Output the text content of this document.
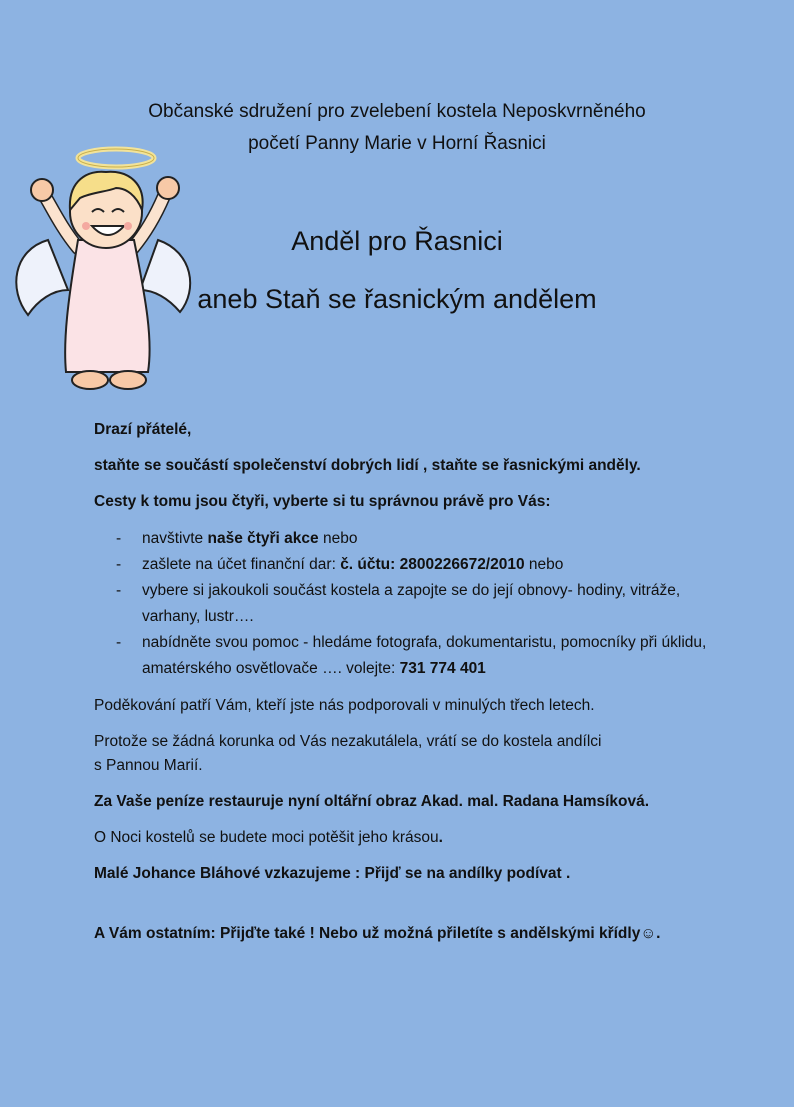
Občanské sdružení pro zvelebení kostela Neposkvrněného
početí Panny Marie v Horní Řasnici
Anděl pro Řasnici
aneb Staň se řasnickým andělem

Drazí přátelé,

staňte se součástí společenství dobrých lidí , staňte se řasnickými anděly.

Cesty k tomu jsou čtyři, vyberte si tu správnou právě pro Vás:

- navštivte naše čtyři akce nebo
- zašlete na účet finanční dar: č. účtu: 2800226672/2010 nebo
- vybere si jakoukoli součást kostela a zapojte se do její obnovy- hodiny, vitráže, varhany, lustr….
- nabídněte svou pomoc - hledáme fotografa, dokumentaristu, pomocníky při úklidu, amatérského osvětlovače …. volejte: 731 774 401

Poděkování patří Vám, kteří jste nás podporovali v minulých třech letech.

Protože se žádná korunka od Vás nezakutálela, vrátí se do kostela andílci
s Pannou Marií.

Za Vaše peníze restauruje nyní oltářní obraz Akad. mal. Radana Hamsíková.

O Noci kostelů se budete moci potěšit jeho krásou.

Malé Johance Bláhové vzkazujeme : Přijď se na andílky podívat .

A Vám ostatním: Přijďte také ! Nebo už možná přiletíte s andělskými křídly☺.
